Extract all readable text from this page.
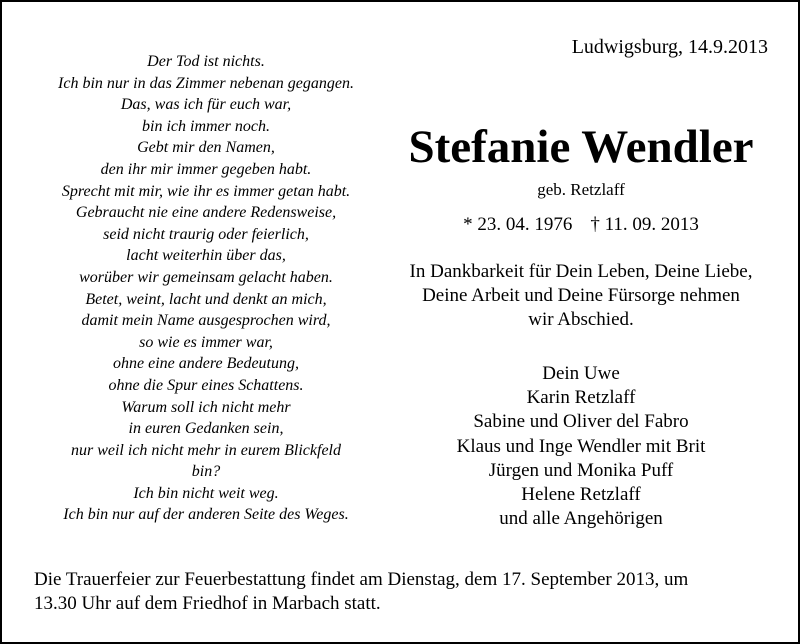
Ludwigsburg, 14.9.2013
Der Tod ist nichts.
Ich bin nur in das Zimmer nebenan gegangen.
Das, was ich für euch war,
bin ich immer noch.
Gebt mir den Namen,
den ihr mir immer gegeben habt.
Sprecht mit mir, wie ihr es immer getan habt.
Gebraucht nie eine andere Redensweise,
seid nicht traurig oder feierlich,
lacht weiterhin über das,
worüber wir gemeinsam gelacht haben.
Betet, weint, lacht und denkt an mich,
damit mein Name ausgesprochen wird,
so wie es immer war,
ohne eine andere Bedeutung,
ohne die Spur eines Schattens.
Warum soll ich nicht mehr
in euren Gedanken sein,
nur weil ich nicht mehr in eurem Blickfeld
bin?
Ich bin nicht weit weg.
Ich bin nur auf der anderen Seite des Weges.
Stefanie Wendler
geb. Retzlaff
* 23. 04. 1976 † 11. 09. 2013
In Dankbarkeit für Dein Leben, Deine Liebe,
Deine Arbeit und Deine Fürsorge nehmen
wir Abschied.
Dein Uwe
Karin Retzlaff
Sabine und Oliver del Fabro
Klaus und Inge Wendler mit Brit
Jürgen und Monika Puff
Helene Retzlaff
und alle Angehörigen
Die Trauerfeier zur Feuerbestattung findet am Dienstag, dem 17. September 2013, um
13.30 Uhr auf dem Friedhof in Marbach statt.
